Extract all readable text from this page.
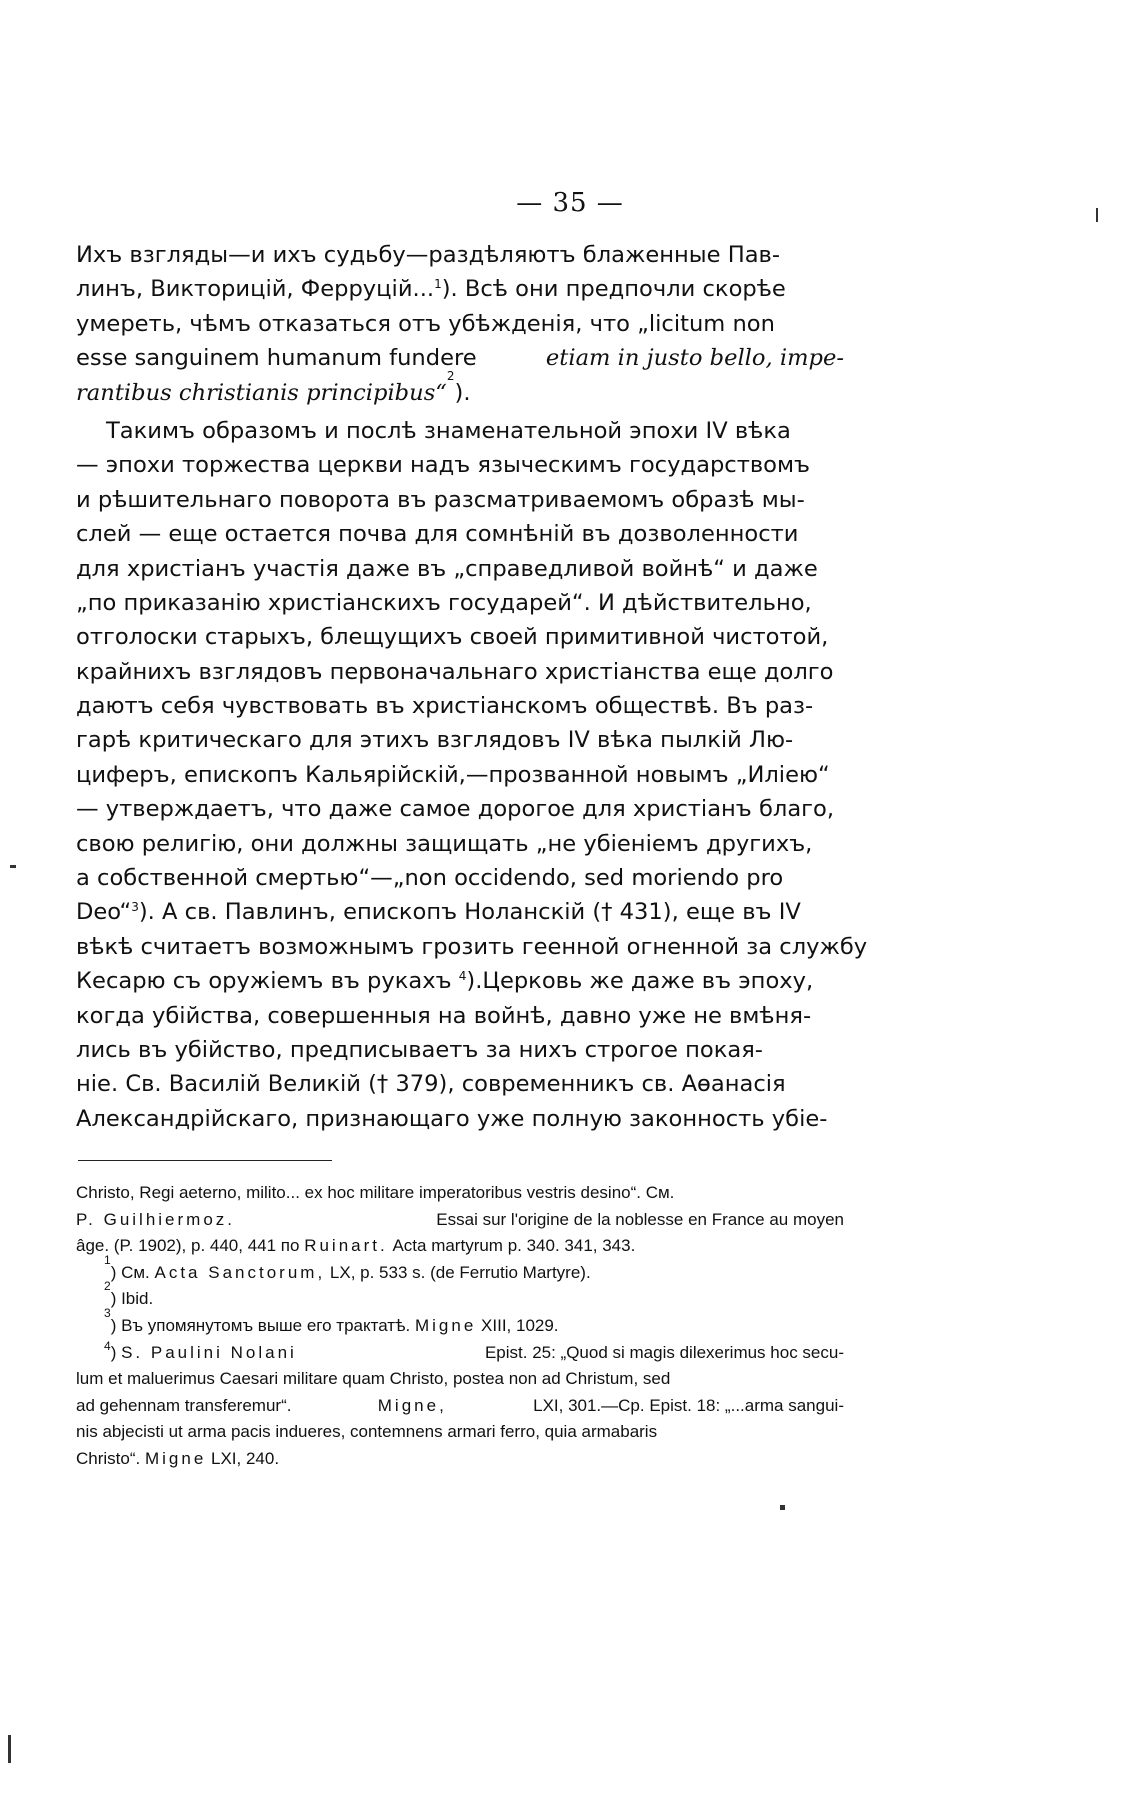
— 35 —
Ихъ взгляды—и ихъ судьбу—раздѣляютъ блаженные Пав-
линъ, Викторицій, Ферруцій...$^1$). Всѣ они предпочли скорѣе
умереть, чѣмъ отказаться отъ убѣжденія, что „licitum non
esse sanguinem humanum fundere	etiam in justo bello, impe-
rantibus christianis principibus“
2
).
Такимъ образомъ и послѣ знаменательной эпохи IV вѣка
— эпохи торжества церкви надъ языческимъ государствомъ
и рѣшительнаго поворота въ разсматриваемомъ образѣ мы-
слей — еще остается почва для сомнѣній въ дозволенности
для христіанъ участія даже въ „справедливой войнѣ“ и даже
„по приказанію христіанскихъ государей“. И дѣйствительно,
отголоски старыхъ, блещущихъ своей примитивной чистотой,
крайнихъ взглядовъ первоначальнаго христіанства еще долго
даютъ себя чувствовать въ христіанскомъ обществѣ. Въ раз-
гарѣ критическаго для этихъ взглядовъ IV вѣка пылкій Лю-
циферъ, епископъ Кальярійскій,—прозванной новымъ „Иліею“
— утверждаетъ, что даже самое дорогое для христіанъ благо,
свою религію, они должны защищать „не убіеніемъ другихъ,
а собственной смертью“—„non occidendo, sed moriendo pro
Deo“$^3$). А св. Павлинъ, епископъ Ноланскій († 431), еще въ IV
вѣкѣ считаетъ возможнымъ грозить геенной огненной за службу
Кесарю съ оружіемъ въ рукахъ $^4$).Церковь же даже въ эпоху,
когда убійства, совершенныя на войнѣ, давно уже не вмѣня-
лись въ убійство, предписываетъ за нихъ строгое покая-
ніе. Св. Василій Великій († 379), современникъ св. Аѳанасія
Александрійскаго, признающаго уже полную законность убіе-
Christo, Regi aeterno, milito... ex hoc militare imperatoribus vestris desino“. См.
P. Guilhiermoz.	Essai sur l'origine de la noblesse en France au moyen
âge. (P. 1902), p. 440, 441 по
Ruinart.
Acta martyrum p. 340. 341, 343.
1
) См.
Acta Sanctorum,
LX, p. 533 s. (de Ferrutio Martyre).
2
) Ibid.
3
) Въ упомянутомъ выше его трактатѣ.
Migne
XIII, 1029.
$^4$) S. Paulini Nolani	Epist. 25: „Quod si magis dilexerimus hoc secu-
lum et maluerimus Caesari militare quam Christo, postea non ad Christum, sed
ad gehennam transferemur“.	Migne,	LXI, 301.—Ср. Epist. 18: „...arma sangui-
nis abjecisti ut arma pacis indueres, contemnens armari ferro, quia armabaris
Christo“.
Migne
LXI, 240.
